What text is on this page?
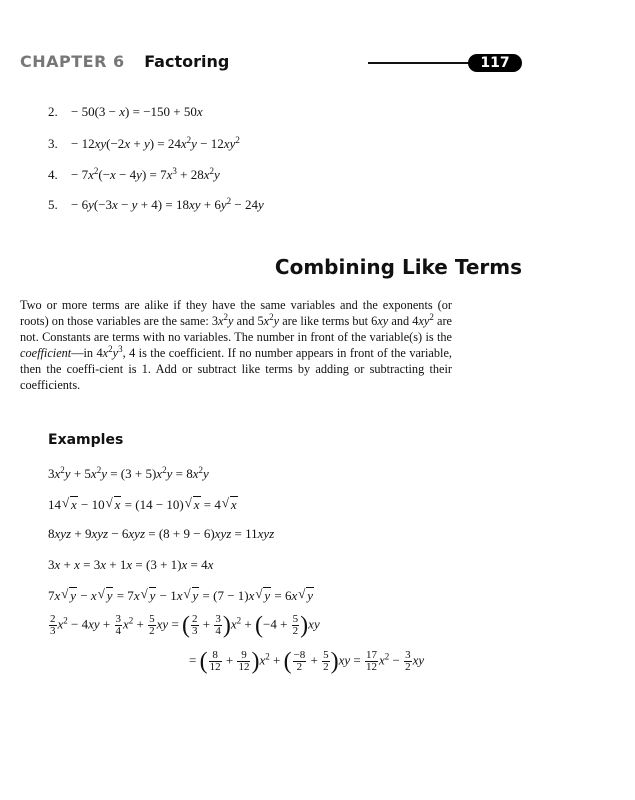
CHAPTER 6 Factoring	117
2. − 50(3 − x) = −150 + 50x
3. − $12xy(-2x + y) = 24x^2y - 12xy^2$
4. − $7x^2(-x - 4y) = 7x^3 + 28x^2y$
5. − $6y(-3x - y + 4) = 18xy + 6y^2 - 24y$
Combining Like Terms
Two or more terms are alike if they have the same variables and the exponents (or roots) on those variables are the same: $3x^2y$ and $5x^2y$ are like terms but 6xy and $4xy^2$ are not. Constants are terms with no variables. The number in front of the variable(s) is the coefficient—in $4x^2y^3$, 4 is the coefficient. If no number appears in front of the variable, then the coeffi-cient is 1. Add or subtract like terms by adding or subtracting their coefficients.
Examples
$3x^2y + 5x^2y = (3 + 5)x^2y = 8x^2y$
14 √ x − 10 √ x = (14 − 10) √ x = 4 √ x
8xyz + 9xyz − 6xyz = (8 + 9 − 6)xyz = 11xyz
3x + x = 3x + 1x = (3 + 1)x = 4x
7x √ y − x √ y = 7x √ y − 1x √ y = (7 − 1)x √ y = 6x √ y
$\frac{2}{3} x^2 - 4xy + \frac{3}{4} x^2 + \frac{5}{2}$ xy = ( $\frac{2}{3} + \frac{3}{4} )x^2 + (-4 + \frac{5}{2} )xy$
= ( $\frac{8}{12} + \frac{9}{12} )x^2$ + ( $\frac{-8}{2} + \frac{5}{2} )xy = \frac{17}{12} x^2 - \frac{3}{2}$ xy
